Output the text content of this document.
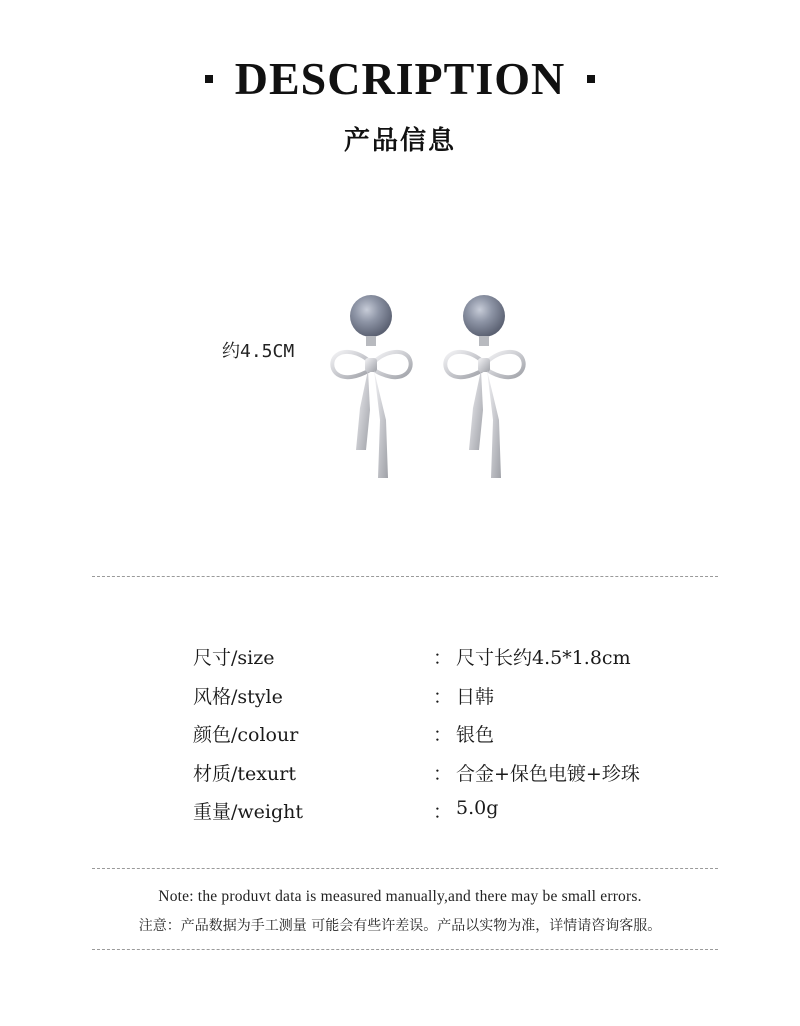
DESCRIPTION
产品信息
约4.5CM
尺寸/size	： 尺寸长约4.5*1.8cm
风格/style	： 日韩
颜色/colour	： 银色
材质/texurt	： 合金+保色电镀+珍珠
重量/weight	： 5.0g
Note: the produvt data is measured manually,and there may be small errors.
注意：产品数据为手工测量 可能会有些许差误。产品以实物为准，详情请咨询客服。
